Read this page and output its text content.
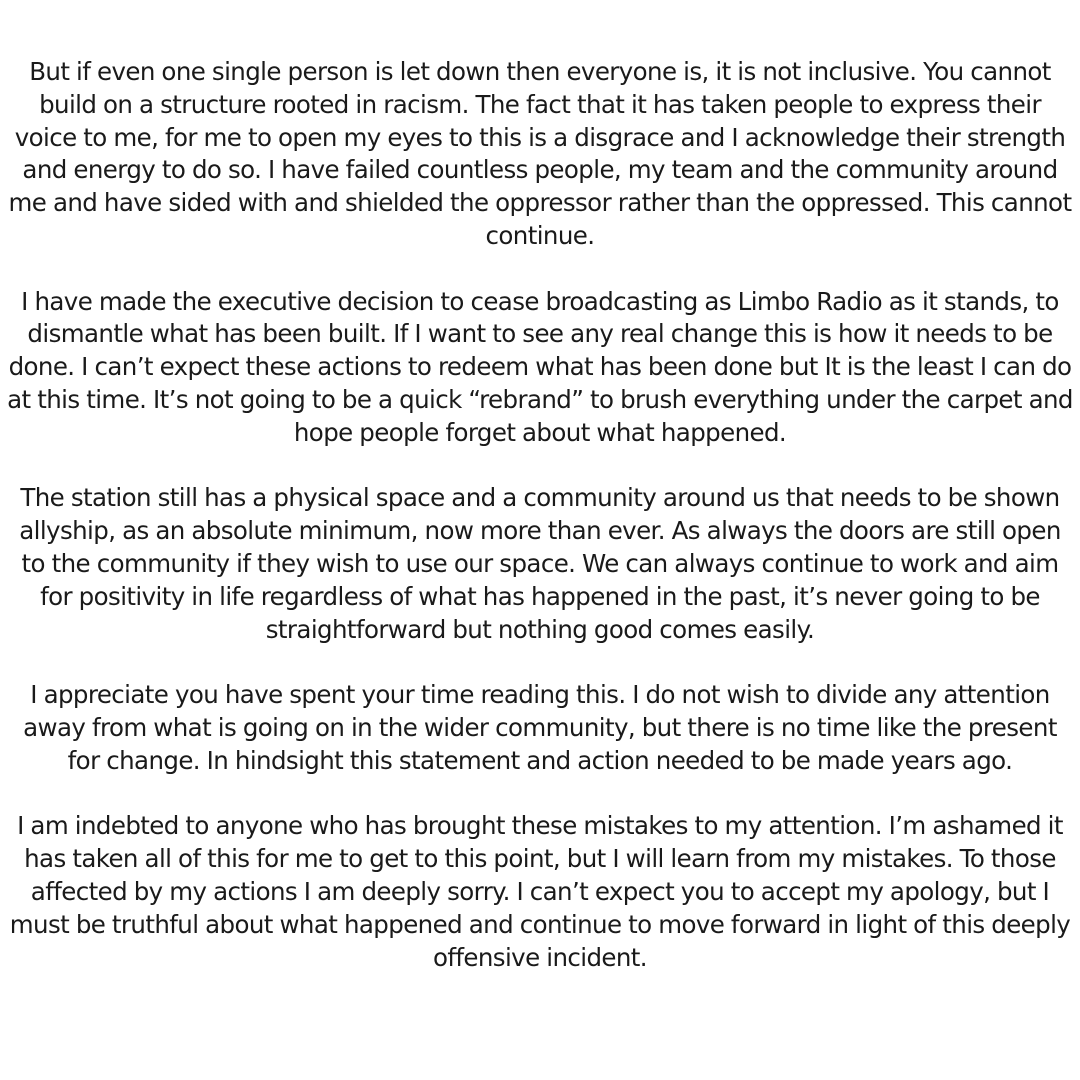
But if even one single person is let down then everyone is, it is not inclusive. You cannot build on a structure rooted in racism. The fact that it has taken people to express their voice to me, for me to open my eyes to this is a disgrace and I acknowledge their strength and energy to do so. I have failed countless people, my team and the community around me and have sided with and shielded the oppressor rather than the oppressed. This cannot continue.

I have made the executive decision to cease broadcasting as Limbo Radio as it stands, to dismantle what has been built. If I want to see any real change this is how it needs to be done. I can’t expect these actions to redeem what has been done but It is the least I can do at this time. It’s not going to be a quick “rebrand” to brush everything under the carpet and hope people forget about what happened.

The station still has a physical space and a community around us that needs to be shown allyship, as an absolute minimum, now more than ever. As always the doors are still open to the community if they wish to use our space. We can always continue to work and aim for positivity in life regardless of what has happened in the past, it’s never going to be straightforward but nothing good comes easily.

I appreciate you have spent your time reading this. I do not wish to divide any attention away from what is going on in the wider community, but there is no time like the present for change. In hindsight this statement and action needed to be made years ago.

I am indebted to anyone who has brought these mistakes to my attention. I’m ashamed it has taken all of this for me to get to this point, but I will learn from my mistakes. To those affected by my actions I am deeply sorry. I can’t expect you to accept my apology, but I must be truthful about what happened and continue to move forward in light of this deeply offensive incident.
